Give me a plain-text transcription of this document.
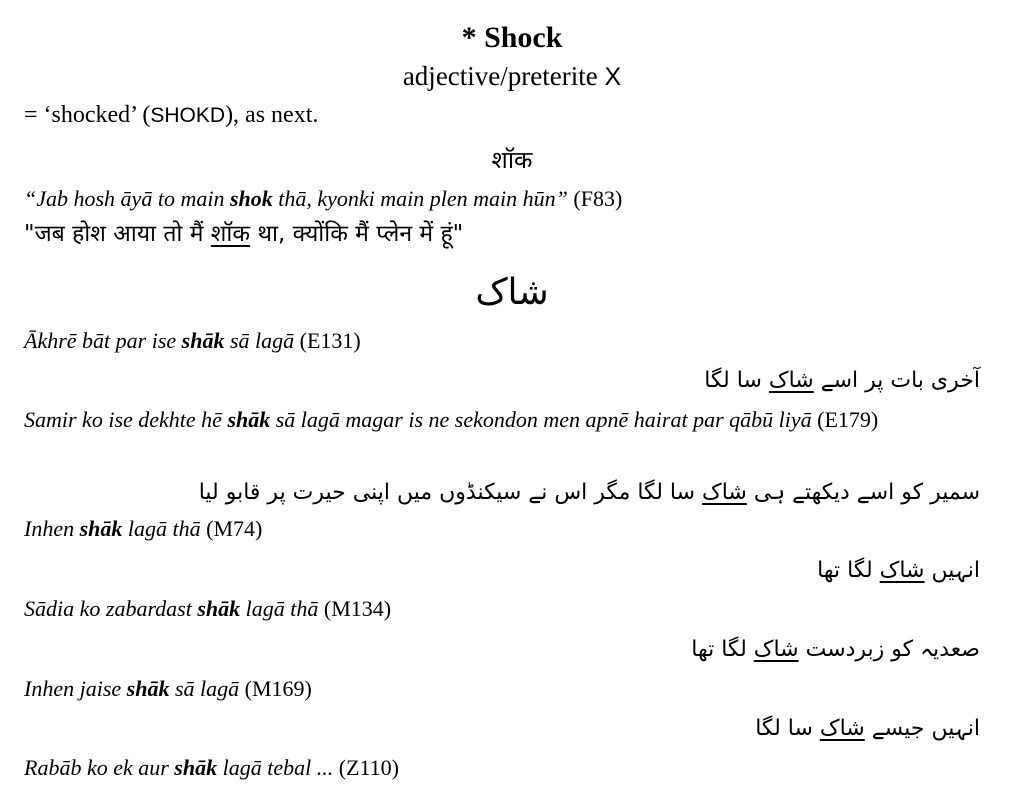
* Shock
adjective/preterite X
= ‘shocked’ (SHOKD), as next.
शॉक
“Jab hosh āyā to main shok thā, kyonki main plen main hūn” (F83)
"जब होश आया तो मैं शॉक था, क्योंकि मैं प्लेन में हूं"
شاک
Ākhrē bāt par ise shāk sā lagā (E131)
آخری بات پر اسے شاک سا لگا
Samir ko ise dekhte hē shāk sā lagā magar is ne sekondon men apnē hairat par qābū liyā (E179)
سمیر کو اسے دیکھتے ہی شاک سا لگا مگر اس نے سیکنڈوں میں اپنی حیرت پر قابو لیا
Inhen shāk lagā thā (M74)
انہیں شاک لگا تھا
Sādia ko zabardast shāk lagā thā (M134)
صعدیہ کو زبردست شاک لگا تھا
Inhen jaise shāk sā lagā (M169)
انہیں جیسے شاک سا لگا
Rabāb ko ek aur shāk lagā tebal ... (Z110)
